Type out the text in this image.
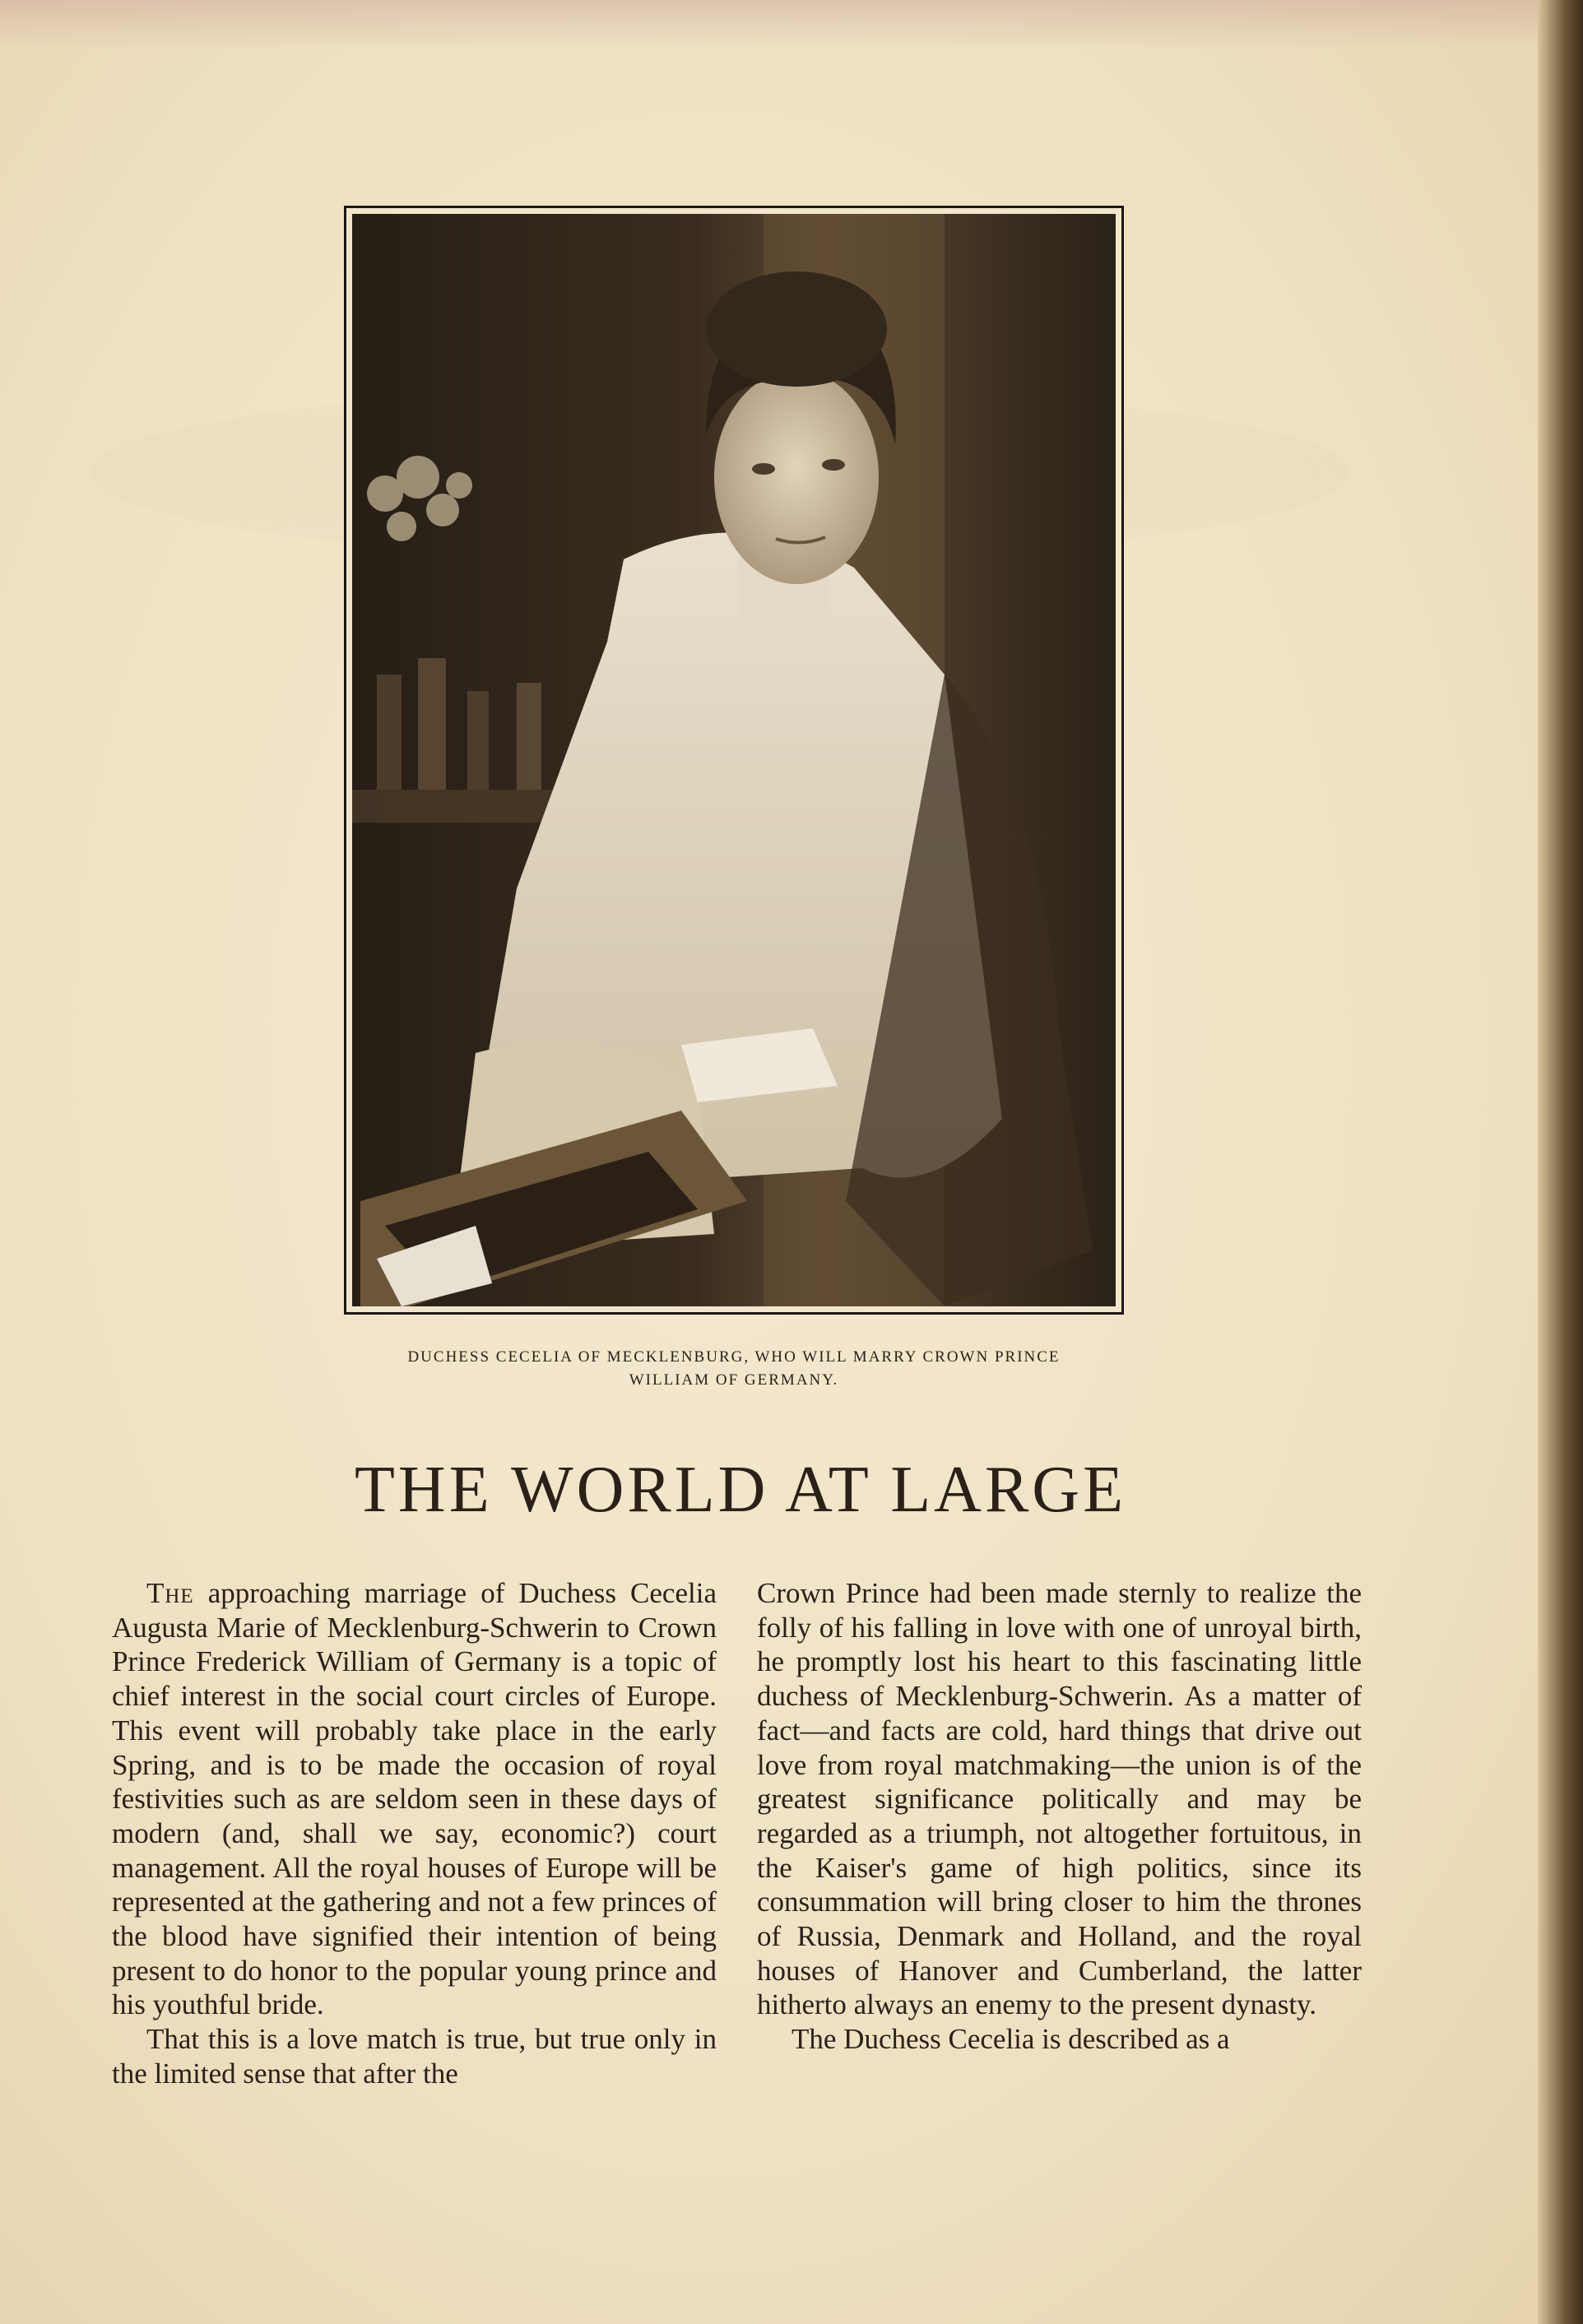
DUCHESS CECELIA OF MECKLENBURG, WHO WILL MARRY CROWN PRINCE
WILLIAM OF GERMANY.
THE WORLD AT LARGE

The approaching marriage of Duchess Cecelia Augusta Marie of Mecklenburg-Schwerin to Crown Prince Frederick William of Germany is a topic of chief interest in the social court circles of Europe. This event will probably take place in the early Spring, and is to be made the occasion of royal festivities such as are seldom seen in these days of modern (and, shall we say, economic?) court management. All the royal houses of Europe will be represented at the gathering and not a few princes of the blood have signified their intention of being present to do honor to the popular young prince and his youthful bride.

That this is a love match is true, but true only in the limited sense that after the

Crown Prince had been made sternly to realize the folly of his falling in love with one of unroyal birth, he promptly lost his heart to this fascinating little duchess of Mecklenburg-Schwerin. As a matter of fact—and facts are cold, hard things that drive out love from royal matchmaking—the union is of the greatest significance politically and may be regarded as a triumph, not altogether fortuitous, in the Kaiser's game of high politics, since its consummation will bring closer to him the thrones of Russia, Denmark and Holland, and the royal houses of Hanover and Cumberland, the latter hitherto always an enemy to the present dynasty.

The Duchess Cecelia is described as a
